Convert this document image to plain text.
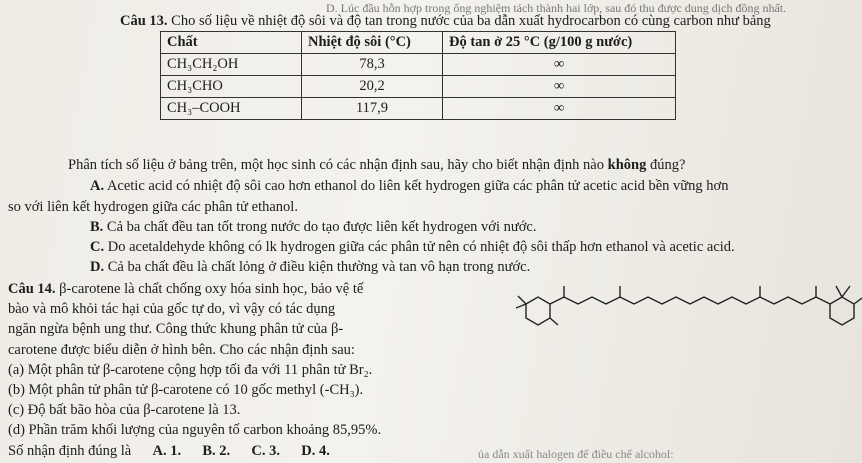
D. Lúc đầu hỗn hợp trong ống nghiệm tách thành hai lớp, sau đó thu được dung dịch đồng nhất.
Câu 13. Cho số liệu về nhiệt độ sôi và độ tan trong nước của ba dẫn xuất hydrocarbon có cùng carbon như bảng
Chất	Nhiệt độ sôi (°C)	Độ tan ở 25 °C (g/100 g nước)
CH₃CH₂OH	78,3	∞
CH₃CHO	20,2	∞
CH₃–COOH	117,9	∞
Phân tích số liệu ở bảng trên, một học sinh có các nhận định sau, hãy cho biết nhận định nào không đúng?
A. Acetic acid có nhiệt độ sôi cao hơn ethanol do liên kết hydrogen giữa các phân tử acetic acid bền vững hơn
so với liên kết hydrogen giữa các phân tử ethanol.
B. Cả ba chất đều tan tốt trong nước do tạo được liên kết hydrogen với nước.
C. Do acetaldehyde không có lk hydrogen giữa các phân tử nên có nhiệt độ sôi thấp hơn ethanol và acetic acid.
D. Cả ba chất đều là chất lỏng ở điều kiện thường và tan vô hạn trong nước.
Câu 14. β-carotene là chất chống oxy hóa sinh học, bảo vệ tế
bào và mô khỏi tác hại của gốc tự do, vì vậy có tác dụng
ngăn ngừa bệnh ung thư. Công thức khung phân tử của β-
carotene được biểu diễn ở hình bên. Cho các nhận định sau:
(a) Một phân tử β-carotene cộng hợp tối đa với 11 phân tử Br₂.
(b) Một phân tử phân tử β-carotene có 10 gốc methyl (-CH₃).
(c) Độ bất bão hòa của β-carotene là 13.
(d) Phần trăm khối lượng của nguyên tố carbon khoảng 85,95%.
Số nhận định đúng là A. 1. B. 2. C. 3. D. 4.	ủa dẫn xuất halogen để điều chế alcohol:
